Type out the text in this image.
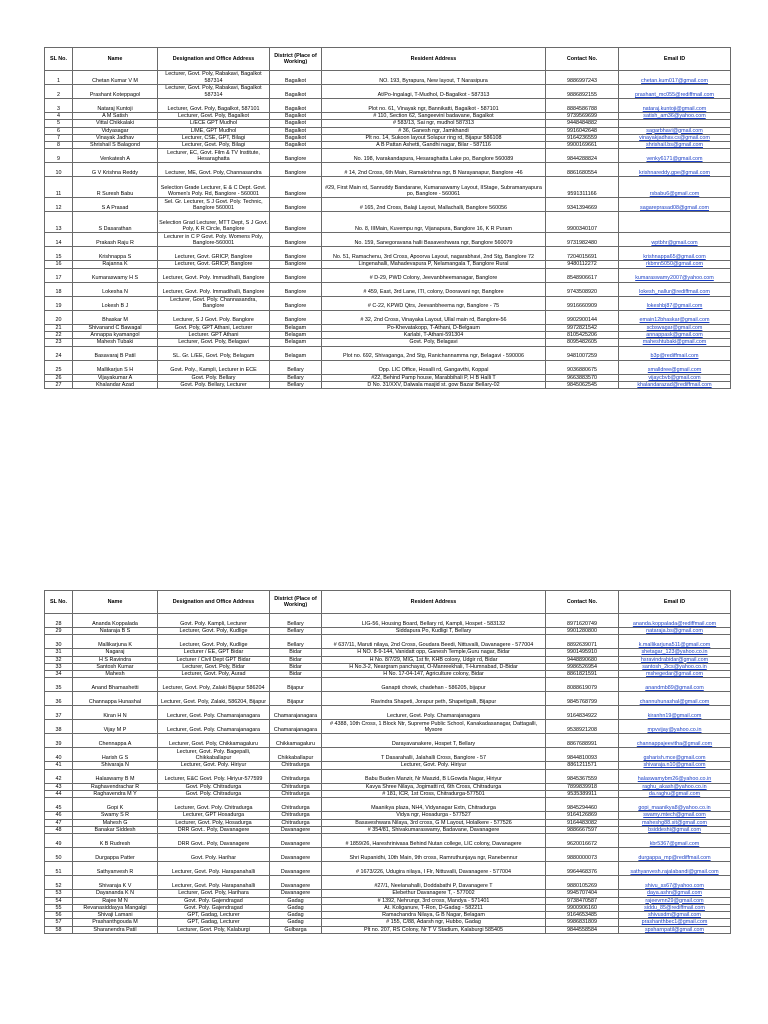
SL No.	Name	Designation and Office Address	District (Place of Working)	Resident Address	Contact No.	Email ID
1	Chetan Kumar V M	Lecturer, Govt. Poly, Rabakavi, Bagalkot 587314	Bagalkot	NO. 193, Byrapura, New layout, T Narasipura	9886997243	chetan.kum017@gmail.com
2	Prashant Koteppagol	Lecturer, Govt. Poly, Rabakavi, Bagalkot 587314	Bagalkot	At/Po-Ingalagi, T-Mudhol, D-Bagalkot - 587313	9886892155	prashant_mc055@rediffmail.com
3	Nataraj Kuntoji	Lecturer, Govt. Poly, Bagalkot, 587101	Bagalkot	Plot no. 61, Vinayak ngr, Bannikatti, Bagalkot - 587101	8884586788	nataraj.kuntoji@gmail.com
4	A M Satish	Lecturer, Govt. Poly, Bagalkot	Bagalkot	# 110, Section 62, Sangeevini badavane, Bagalkot	9739569699	satish_am36@yahoo.com
5	Vittal Chikkalaki	L/ECE GPT Mudhol	Bagalkot	# 583/13, Sai ngr, mudhol 587313	9448484882	
6	Vidyasagar	L/ME, GPT Mudhol	Bagalkot	# 36, Ganesh ngr, Jamkhandi	9916042648	sagarbhavi@gmail.com
7	Vinayak Jadhav	Lecturer, CSE, GPT, Bilagi	Bagalkot	Plt no. 14, Sukoon layout Solapur ring rd, Bijapur 586108	9164236559	vinayakjadhav.cs@gmail.com
8	Shrishail S Balagond	Lecturer, Govt. Poly, Bilagi	Bagalkot	A B Pattan Ashetti, Gandhi nagar, Bilar - 587116	9900169661	shrishail.bs@gmail.com
9	Venkatesh A	Lecturer, EC, Govt. Film & TV Institute, Hesaraghatta	Banglore	No. 198, Ivarakandapura, Hesaraghatta Lake po, Banglore 560089	9844288824	venky6171@gmail.com
10	G V Krishna Reddy	Lecturer, ME, Govt. Poly, Channasandra	Banglore	# 14, 2nd Cross, 6th Main, Ramakrishna ngr, B Narayanapur, Banglore -46	8861680554	krishnareddy.gpe@gmail.com
11	R Suresh Babu	Selection Grade Lecturer, E & C Dept. Govt. Women's Poly. Rd, Banglore - 560001	Banglore	#29, First Main rd, Sanruddy Bandarane, Kumaraswamy Layout, IIStage, Subramanyapura po, Banglore - 560061	9591311166	rsbabu6@gmail.com
12	S A Prasad	Sel. Gr. Lecturer, S J Govt. Poly. Technic, Banglore 560001	Banglore	# 165, 2nd Cross, Balaji Layout, Mallachalli, Banglore 560056	9341394669	sagareprasad08@gmail.com
13	S Dasarathan	Selection Grad Lecturer, MTT Dept, S J Govt. Poly, K R Circle, Banglore	Banglore	No. 8, IIIMain, Kuvempu ngr, Vijanapura, Banglore 16, K R Puram	9900340107	
14	Prakash Raju R	Lecturer in C P Govt. Poly. Womens Poly, Banglore-560001	Banglore	No. 159, Sanegoravana halli Basaveshwara ngr, Banglore 560079	9731982480	wptbhr@gmail.com
15	Krishnappa S	Lecturer, Govt. GRICP, Banglore	Banglore	No. 51, Ramachenu, 3rd Cross, Apoorva Layout, nagarabhavi, 2nd Stg, Banglore 72	7204015691	krishnappa65@gmail.com
16	Rajanna K	Lecturer, Govt. GRICP, Banglore	Banglore	Lingenahalli, Mahadevapura P, Nelamangala T, Banglore Rural	9480112272	rkbmn5050@gmail.com
17	Kumaraswamy H S	Lecturer, Govt. Poly. Immadihalli, Banglore	Banglore	# D-29, PWD Colony, Jeevanbheemanagar, Banglore	8548906617	kumaraswamy2007@yahoo.com
18	Lokesha N	Lecturer, Govt. Poly. Immadihalli, Banglore	Banglore	# 459, East, 3rd Lane, ITI, colony, Dooravani ngr, Banglore	9743508920	lokesh_nallur@rediffmail.com
19	Lokesh B J	Lecturer, Govt. Poly. Channasandra, Banglore	Banglore	# C-22, KPWD Qtrs, Jeevanbheema ngr, Banglore - 75	9916660909	lokeshbj87@gmail.com
20	Bhaskar M	Lecturer, S J Govt. Poly. Banglore	Banglore	# 32, 2nd Cross, Vinayaka Layout, Ullal main rd, Banglore-56	9902900144	emain12bhaskar@gmail.com
21	Shivanand C Bawagal	Govt. Poly, GPT Athani, Lecturer	Belagam	Po-Khevatakopp, T-Athani, D-Belgaum	9972821542	scbswagar@gmail.com
22	Annappa kyamangol	Lecturer. GPT Athani	Belagam	Karlabi, T-Athani-591304	8105425206	annappask@gmail.com
23	Mahesh Tubaki	Lecturer, Govt. Poly, Belagavi	Belagam	Govt. Poly, Belagavi	8095482605	maheshtubaki@gmail.com
24	Basavaraj B Patil	SL. Gr. L/EE, Govt. Poly, Belagam	Belagam	Plot no. 692, Shivaganga, 2nd Stg, Ranichannamma ngr, Belagavi - 590006	9481007259	b3p@rediffmail.com
25	Mallikarjun S H	Govt. Poly., Kampli, Lecturer in ECE	Bellary	Opp. LIC Office, Hosalli rd, Gangavthi, Koppal	9036880675	smalldree@gmail.com
26	Vijayakumar A	Govt. Poly. Bellary	Bellary	#22, Behind Pamp house, Marabbihali P, H B Halli T	9663883570	vijaycbvb@gmail.com
27	Khalandar Azad	Govt. Poly. Bellary, Lecturer	Bellary	D No. 31/XXV, Dalwala masjid st. gow Bazar Bellary-02	9845062545	khalandarazad@rediffmail.com
SL No.	Name	Designation and Office Address	District (Place of Working)	Resident Address	Contact No.	Email ID
28	Ananda Koppalada	Govt. Poly. Kampli, Lecturer	Bellary	LIG-56, Housing Board, Bellary rd, Kampli, Hospet - 583132	8971620749	ananda.koppalada@rediffmail.com
29	Nataraja B S	Lecturer, Govt. Poly, Kudlige	Bellary	Siddapura Po, Kudligi T, Bellary	9901280800	nataraja.bs@gmail.com
30	Mallikarjuna K	Lecturer, Govt. Poly, Kudlige	Bellary	# 637/11, Maruti nilaya, 2nd Cross, Goudara Beedi, Nittuvalli, Davanagere - 577004	8892639071	k.mallikarjuna511@gmail.com
31	Nagaraj	Lecturer / EE, GPT Bidar	Bidar	H NO. 8-9-144, Vanidatt opp, Ganesh Temple,Guru nagar, Bidar	9901495910	shetagar_123@yahoo.co.in
32	H S Ravindra	Lecturer / Civil Dept GPT Bidar	Bidar	H No. 8/7/29, MIG, 1st fir, KHB colony, Udgir rd, Bidar	9448890680	hsravindrabidar@gmail.com
33	Santosh Kumar	Lecturer, Govt. Poly, Bidar	Bidar	H No.3-2, Neargram panchayat, O-Manreekhali, T-Humnabad, D-Bidar	9986526954	santosh_2ics@yahoo.co.in
34	Mahesh	Lecturer, Govt. Poly, Aurad	Bidar	H No. 17-04-147, Agriculture colony, Bidar	8861821591	mshegedar@gmail.com
35	Anand Bhamashetti	Lecturer, Govt. Poly, Zalaki Bijapur 586204	Bijapur	Ganapti chowk, chadehan - 586205, bijapur	8088619079	anandmb89@gmail.com
36	Channappa Hunashal	Lecturer, Govt. Poly, Zalaki, 586204, Bijapur	Bijapur	Ravindra Shapeti, Jorapur peth, Shapetigalli, Bijapur	9845768799	channuhunashal@gmail.com
37	Kiran H N	Lecturer, Govt. Poly. Chamarajanagara	Chamarajanagara	Lecturer, Govt. Poly. Chamarajanagara	9164834922	kiranhn19@gmail.com
38	Vijay M P	Lecturer, Govt. Poly. Chamarajanagara	Chamarajanagara	# 4388, 10th Cross, 1 Block Ntr, Supreme Public School, Kanakadasanagar, Dattagalli, Mysore	9538921208	mpvvijay@yahoo.co.in
39	Chennappa A	Lecturer, Govt. Poly, Chikkamagaluru	Chikkamagaluru	Darayavanakere, Hospet T, Bellary	8867688991	channappajeevitha@gmail.com
40	Harish G S	Lecturer, Govt. Poly. Bagepalli, Chikkaballapur	Chikkaballapur	T Dasarahalli, Jalahalli Cross, Banglore - 57	9844810093	gsharish.mce@gmail.com
41	Shivaraja N	Lecturer, Govt. Poly. Hiriyur	Chitradurga	Lecturer, Govt. Poly. Hiriyur	8861211571	shivaraja.n10@gmail.com
42	Halaswamy B M	Lecturer, E&C Govt. Poly. Hiriyur-577599	Chitradurga	Babu Buden Manzir, Nr Maszid, B LGowda Nagar, Hiriyur	9845367559	halaswamybm26@yahoo.co.in
43	Raghavendrachar R	Govt. Poly. Chitradurga	Chitradurga	Kavya Shree Nilaya, Jogimatti rd, 6th Cross, Chitradurga	7899839918	raghu_akash@yahoo.co.in
44	Raghavendra M Y	Govt. Poly. Chitradurga	Chitradurga	# 181, ICR, 1st Cross, Chitradurga-577501	9535389911	da.raghu@gmail.com
45	Gopi K	Lecturer, Govt. Poly. Chitradurga	Chitradurga	Maanikya plaza, NH4, Vidyanagar Extn, Chitradurga	9845294460	gopi_maanikya8@yahoo.co.in
46	Swamy S R	Lecturer, GPT Hosadurga	Chitradurga	Vidya ngr, Hosadurga - 577527	9164126869	swamy.mtech@gmail.com
47	Mahesh G	Lecturer, Govt. Poly, Hosadurga	Chitradurga	Basaveshwara Nilaya, 3rd cross, G M Layout, Holalkere - 577526	9164483082	maheshg88.sit@gmail.com
48	Banakar Siddesh	DRR Govt.. Poly, Davanagere	Davanagere	# 354/81, Shivakumaraswamy, Badavane, Davanagere	9886667597	bsiddeshi@gmail.com
49	K B Rudresh	DRR Govt.. Poly, Davanagere	Davanagere	# 1859/26, Hareshrinivasa Behind Nutan college, LIC colony, Davanagere	9620016672	kbr5367@gmail.com
50	Durgappa Patter	Govt. Poly. Harihar	Davanagere	Shri Rupanidhi, 10th Main, 9th cross, Ramruthunjaya ngr, Ranebennur	9880000073	durgappa_mp@rediffmail.com
51	Sathyanvesh R	Lecturer, Govt. Poly. Harapanahalli	Davanagere	# 1673/226, Udugira nilaya, I Flr, Nittuvalli, Davanagere - 577004	9964468376	sathyanvesh.rajalabandi@gmail.com
52	Shivaraja K V	Lecturer, Govt. Poly. Harapanahalli	Davanagere	#27/1, Neelanahalli, Doddabathi P, Davanagere T	9880105269	shivu_ss67@yahoo.com
53	Dayananda K N	Lecturer, Govt. Poly, Harihara	Davanagere	Elebethur Davanagere T, - 577002	9945707404	daya.ashn@gmail.com
54	Rajee M N	Govt. Poly. Gajendragad	Gadag	# 1392, Nehrungr, 3rd cross, Mandya - 571401	9738470587	rajeevmn29@gmail.com
55	Revanasiddayya Mangalgi	Govt. Poly. Gajendragad	Gadag	At. Koliganure, T-Ron, D-Gadag - 582211	9900906160	siddu_85@rediffmail.com
56	Shivaji Lamani	GPT, Gadag, Lecturer	Gadag	Ramachandra Nilaya, G B Nagar, Belagam	9164653485	shivusdm@gmail.com
57	Prashanthgouda M	GPT, Gadag, Lecturer	Gadag	# 155, C/88, Adarsh ngr, Hubbo, Gadag	9986831809	prashanthbec1@gmail.com
58	Sharanendra Patil	Lecturer, Govt. Poly, Kalaburgi	Gulbarga	Plt no. 207, RS Colony, Nr T V Stadium, Kalaburgi 585405	9844558584	spsharnpatil@gmail.com
